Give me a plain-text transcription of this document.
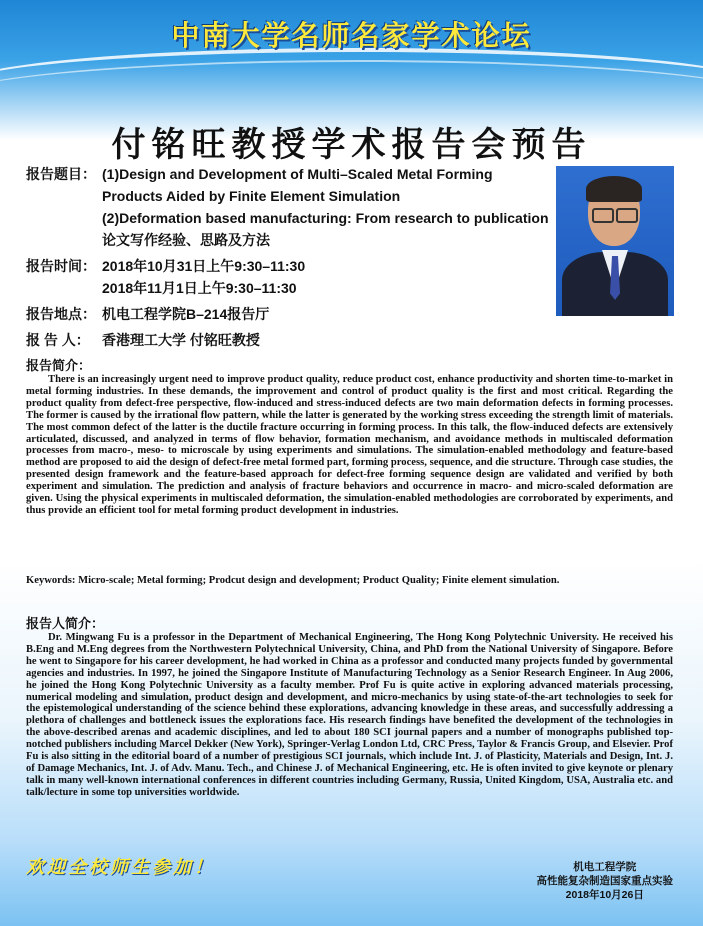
中南大学名师名家学术论坛
付铭旺教授学术报告会预告
报告题目： (1)Design and Development of Multi–Scaled Metal Forming
Products Aided by Finite Element Simulation
(2)Deformation based manufacturing: From research to publication
论文写作经验、思路及方法
报告时间： 2018年10月31日上午9:30–11:30
2018年11月1日上午9:30–11:30
报告地点： 机电工程学院B–214报告厅
报 告 人： 香港理工大学 付铭旺教授
报告简介：
There is an increasingly urgent need to improve product quality, reduce product cost, enhance productivity and shorten time-to-market in metal forming industries. In these demands, the improvement and control of product quality is the first and most critical. Regarding the product quality from defect-free perspective, flow-induced and stress-induced defects are two main deformation defects in forming processes. The former is caused by the irrational flow pattern, while the latter is generated by the working stress exceeding the strength limit of materials. The most common defect of the latter is the ductile fracture occurring in forming process. In this talk, the flow-induced defects are extensively articulated, discussed, and analyzed in terms of flow behavior, formation mechanism, and avoidance methods in multiscaled deformation processes from macro-, meso- to microscale by using experiments and simulations. The simulation-enabled methodology and feature-based method are proposed to aid the design of defect-free metal formed part, forming process, sequence, and die structure. Through case studies, the presented design framework and the feature-based approach for defect-free forming sequence design are validated and verified by both experiment and simulation. The prediction and analysis of fracture behaviors and occurrence in macro- and micro-scaled deformation are given. Using the physical experiments in multiscaled deformation, the simulation-enabled methodologies are corroborated by experiments, and thus provide an efficient tool for metal forming product development in industries.
Keywords: Micro-scale; Metal forming; Prodcut design and development; Product Quality; Finite element simulation.
报告人简介：
Dr. Mingwang Fu is a professor in the Department of Mechanical Engineering, The Hong Kong Polytechnic University. He received his B.Eng and M.Eng degrees from the Northwestern Polytechnical University, China, and PhD from the National University of Singapore. Before he went to Singapore for his career development, he had worked in China as a professor and conducted many projects funded by governmental agencies and industries. In 1997, he joined the Singapore Institute of Manufacturing Technology as a Senior Research Engineer. In Aug 2006, he joined the Hong Kong Polytechnic University as a faculty member. Prof Fu is quite active in exploring advanced materials processing, numerical modeling and simulation, product design and development, and micro-mechanics by using state-of-the-art technologies to seek for the epistemological understanding of the science behind these explorations, advancing knowledge in these areas, and successfully addressing a plethora of challenges and bottleneck issues the explorations face. His research findings have benefited the development of the technologies in the above-described arenas and academic disciplines, and led to about 180 SCI journal papers and a number of monographs published top-notched publishers including Marcel Dekker (New York), Springer-Verlag London Ltd, CRC Press, Taylor & Francis Group, and Elsevier. Prof Fu is also sitting in the editorial board of a number of prestigious SCI journals, which include Int. J. of Plasticity, Materials and Design, Int. J. of Damage Mechanics, Int. J. of Adv. Manu. Tech., and Chinese J. of Mechanical Engineering, etc. He is often invited to give keynote or plenary talk in many well-known international conferences in different countries including Germany, Russia, United Kingdom, USA, Australia etc. and talk/lecture in some top universities worldwide.
欢迎全校师生参加！	机电工程学院
高性能复杂制造国家重点实验
2018年10月26日
